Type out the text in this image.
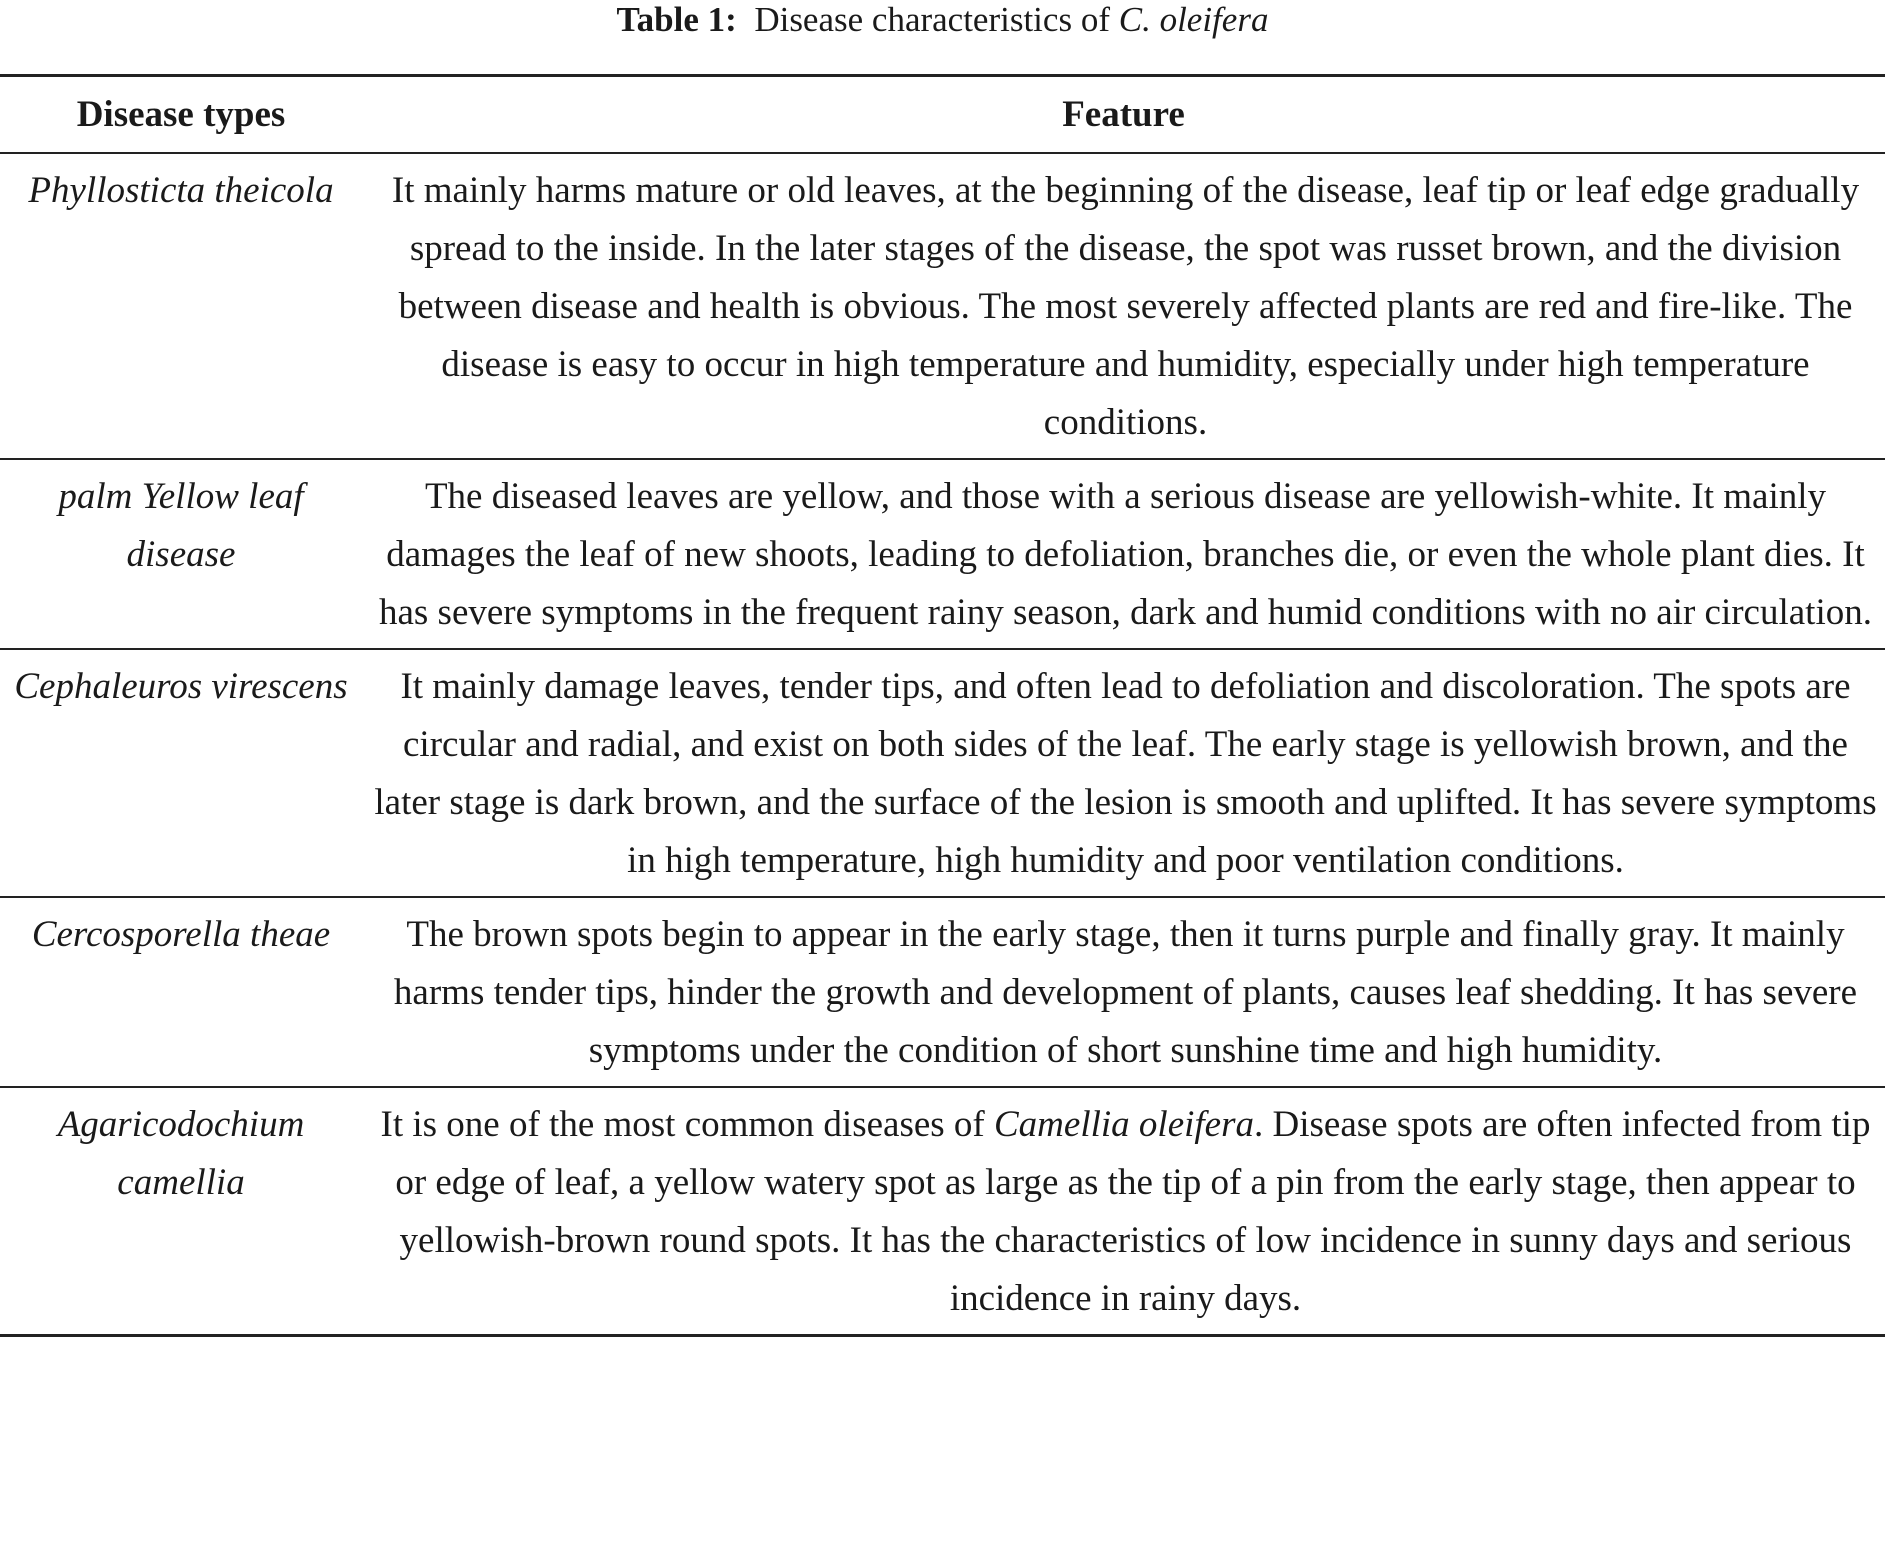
Table 1: Disease characteristics of C. oleifera

Disease types	Feature
Phyllosticta theicola	It mainly harms mature or old leaves, at the beginning of the disease, leaf tip or leaf edge gradually spread to the inside. In the later stages of the disease, the spot was russet brown, and the division between disease and health is obvious. The most severely affected plants are red and fire-like. The disease is easy to occur in high temperature and humidity, especially under high temperature conditions.
palm Yellow leaf disease	The diseased leaves are yellow, and those with a serious disease are yellowish-white. It mainly damages the leaf of new shoots, leading to defoliation, branches die, or even the whole plant dies. It has severe symptoms in the frequent rainy season, dark and humid conditions with no air circulation.
Cephaleuros virescens	It mainly damage leaves, tender tips, and often lead to defoliation and discoloration. The spots are circular and radial, and exist on both sides of the leaf. The early stage is yellowish brown, and the later stage is dark brown, and the surface of the lesion is smooth and uplifted. It has severe symptoms in high temperature, high humidity and poor ventilation conditions.
Cercosporella theae	The brown spots begin to appear in the early stage, then it turns purple and finally gray. It mainly harms tender tips, hinder the growth and development of plants, causes leaf shedding. It has severe symptoms under the condition of short sunshine time and high humidity.
Agaricodochium camellia	It is one of the most common diseases of Camellia oleifera. Disease spots are often infected from tip or edge of leaf, a yellow watery spot as large as the tip of a pin from the early stage, then appear to yellowish-brown round spots. It has the characteristics of low incidence in sunny days and serious incidence in rainy days.
